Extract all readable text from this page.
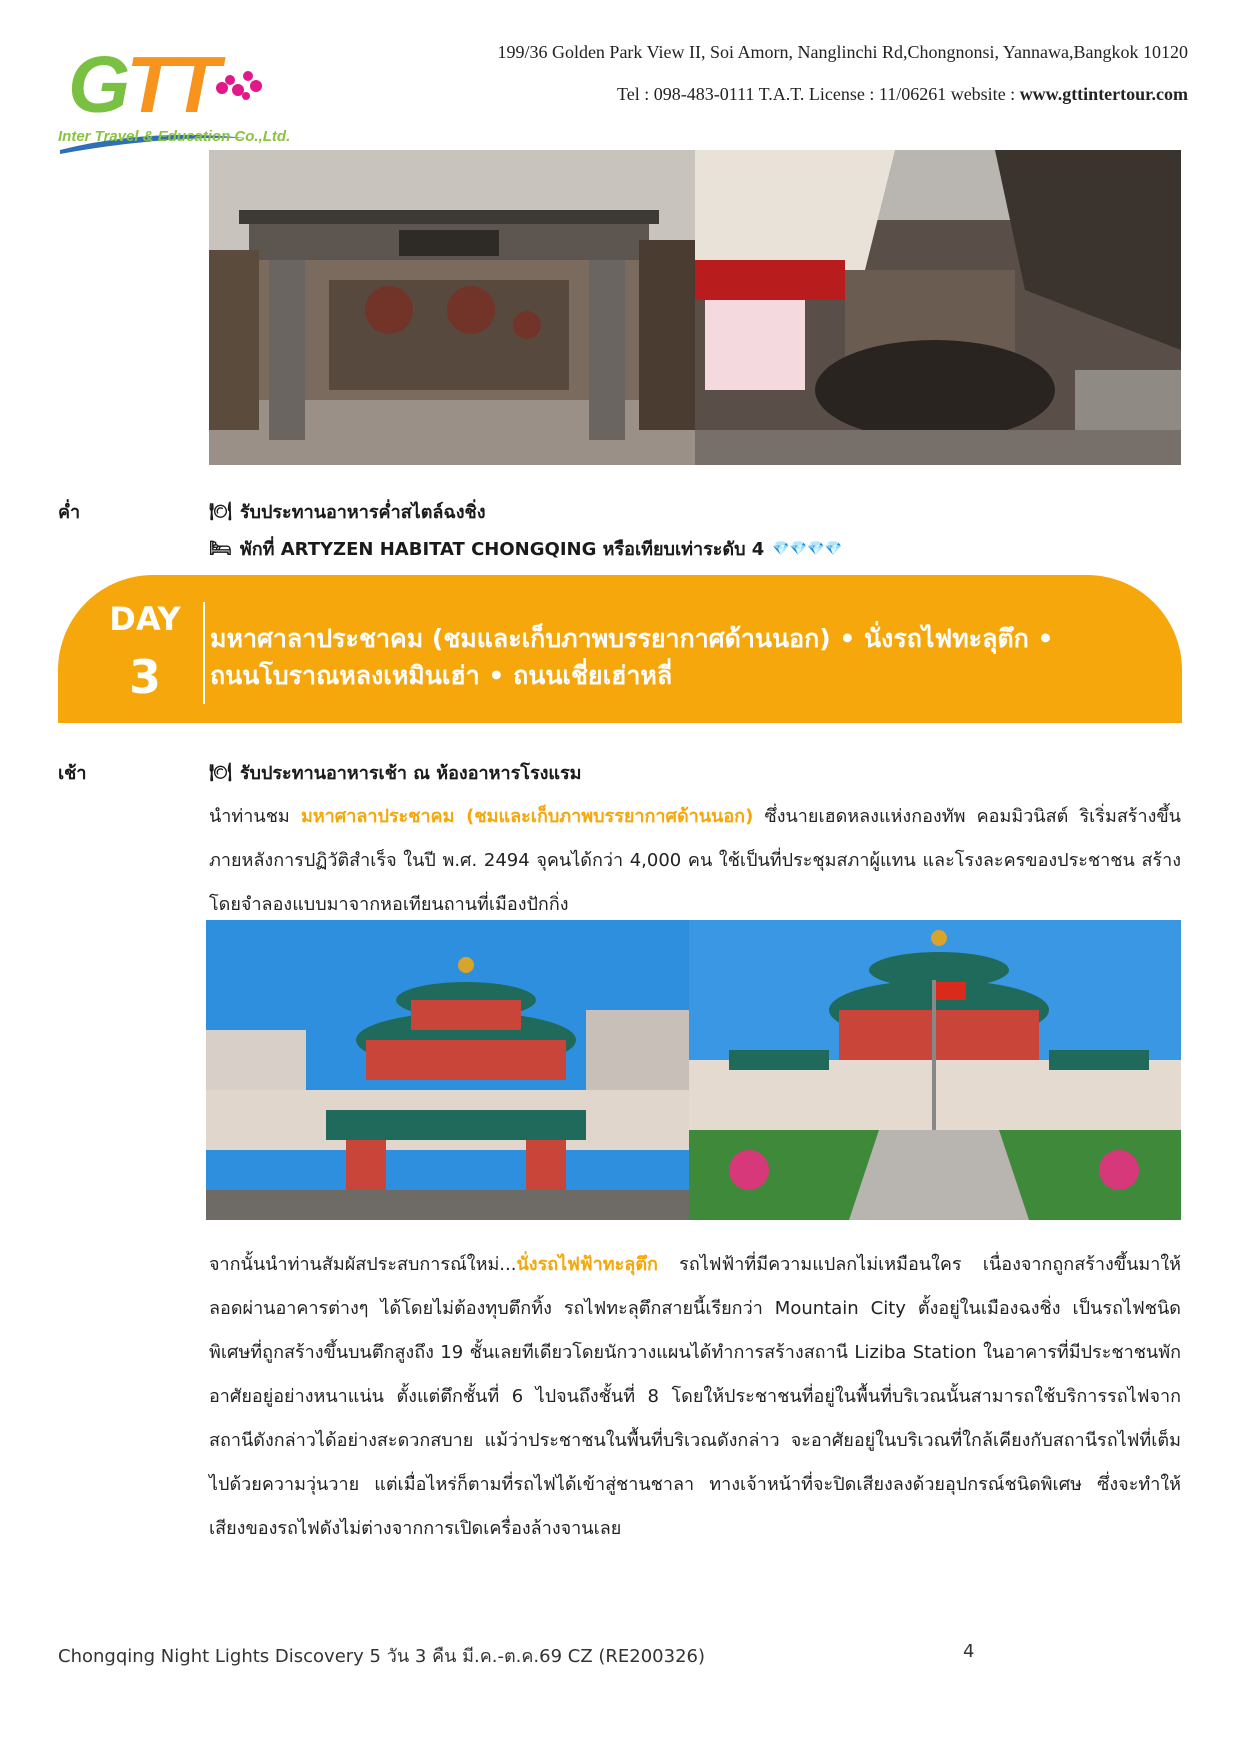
GTT
Inter Travel & Education Co.,Ltd.
199/36 Golden Park View II, Soi Amorn, Nanglinchi Rd,Chongnonsi, Yannawa,Bangkok 10120
Tel : 098-483-0111 T.A.T. License : 11/06261 website : www.gttintertour.com
ค่ำ	🍽 รับประทานอาหารค่ำสไตล์ฉงชิ่ง
🛏 พักที่ ARTYZEN HABITAT CHONGQING หรือเทียบเท่าระดับ 4 💎💎💎💎
DAY
3
มหาศาลาประชาคม (ชมและเก็บภาพบรรยากาศด้านนอก) • นั่งรถไฟทะลุตึก •
ถนนโบราณหลงเหมินเฮ่า • ถนนเชี่ยเฮ่าหลี่
เช้า	🍽 รับประทานอาหารเช้า ณ ห้องอาหารโรงแรม
นำท่านชม มหาศาลาประชาคม (ชมและเก็บภาพบรรยากาศด้านนอก) ซึ่งนายเฮดหลงแห่งกองทัพ คอมมิวนิสต์ ริเริ่มสร้างขึ้นภายหลังการปฏิวัติสำเร็จ ในปี พ.ศ. 2494 จุคนได้กว่า 4,000 คน ใช้เป็นที่ประชุมสภาผู้แทน และโรงละครของประชาชน สร้างโดยจำลองแบบมาจากหอเทียนถานที่เมืองปักกิ่ง
จากนั้นนำท่านสัมผัสประสบการณ์ใหม่...นั่งรถไฟฟ้าทะลุตึก รถไฟฟ้าที่มีความแปลกไม่เหมือนใคร เนื่องจากถูกสร้างขึ้นมาให้ลอดผ่านอาคารต่างๆ ได้โดยไม่ต้องทุบตึกทิ้ง รถไฟทะลุตึกสายนี้เรียกว่า Mountain City ตั้งอยู่ในเมืองฉงชิ่ง เป็นรถไฟชนิดพิเศษที่ถูกสร้างขึ้นบนตึกสูงถึง 19 ชั้นเลยทีเดียวโดยนักวางแผนได้ทำการสร้างสถานี Liziba Station ในอาคารที่มีประชาชนพักอาศัยอยู่อย่างหนาแน่น ตั้งแต่ตึกชั้นที่ 6 ไปจนถึงชั้นที่ 8 โดยให้ประชาชนที่อยู่ในพื้นที่บริเวณนั้นสามารถใช้บริการรถไฟจากสถานีดังกล่าวได้อย่างสะดวกสบาย แม้ว่าประชาชนในพื้นที่บริเวณดังกล่าว จะอาศัยอยู่ในบริเวณที่ใกล้เคียงกับสถานีรถไฟที่เต็มไปด้วยความวุ่นวาย แต่เมื่อไหร่ก็ตามที่รถไฟได้เข้าสู่ชานชาลา ทางเจ้าหน้าที่จะปิดเสียงลงด้วยอุปกรณ์ชนิดพิเศษ ซึ่งจะทำให้เสียงของรถไฟดังไม่ต่างจากการเปิดเครื่องล้างจานเลย
Chongqing Night Lights Discovery 5 วัน 3 คืน มี.ค.-ต.ค.69 CZ (RE200326)	4
